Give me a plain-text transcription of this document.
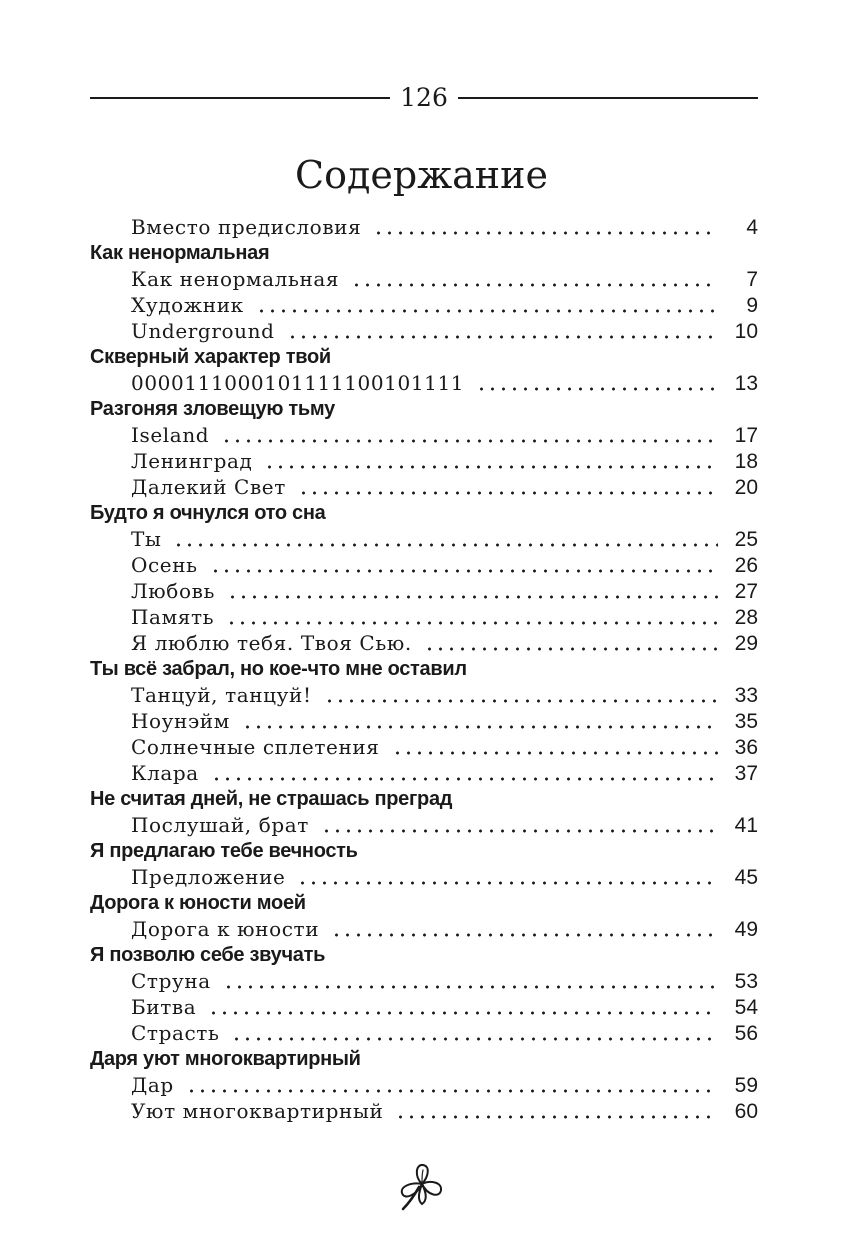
126
Содержание
Вместо предисловия	4
Как ненормальная
Как ненормальная	7
Художник	9
Underground	10
Скверный характер твой
0000111000101111100101111	13
Разгоняя зловещую тьму
Iseland	17
Ленинград	18
Далекий Свет	20
Будто я очнулся ото сна
Ты	25
Осень	26
Любовь	27
Память	28
Я люблю тебя. Твоя Сью.	29
Ты всё забрал, но кое-что мне оставил
Танцуй, танцуй!	33
Ноунэйм	35
Солнечные сплетения	36
Клара	37
Не считая дней, не страшась преград
Послушай, брат	41
Я предлагаю тебе вечность
Предложение	45
Дорога к юности моей
Дорога к юности	49
Я позволю себе звучать
Струна	53
Битва	54
Страсть	56
Даря уют многоквартирный
Дар	59
Уют многоквартирный	60
